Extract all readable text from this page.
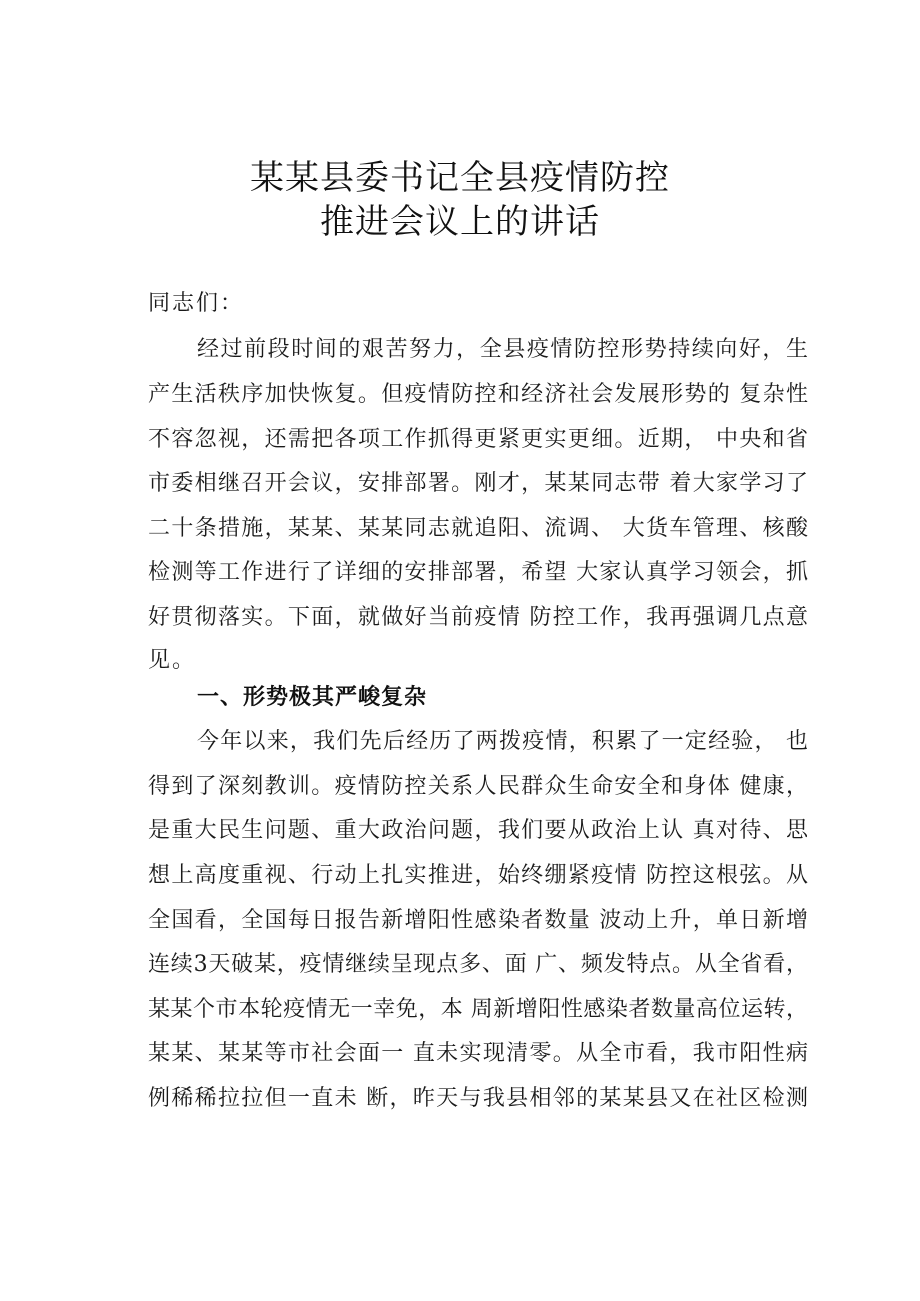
某某县委书记全县疫情防控
推进会议上的讲话
同志们：
经过前段时间的艰苦努力，全县疫情防控形势持续向好，生
产生活秩序加快恢复。但疫情防控和经济社会发展形势的 复杂性
不容忽视，还需把各项工作抓得更紧更实更细。近期， 中央和省
市委相继召开会议，安排部署。刚才，某某同志带 着大家学习了
二十条措施，某某、某某同志就追阳、流调、 大货车管理、核酸
检测等工作进行了详细的安排部署，希望 大家认真学习领会，抓
好贯彻落实。下面，就做好当前疫情 防控工作，我再强调几点意
见。
一、形势极其严峻复杂
今年以来，我们先后经历了两拨疫情，积累了一定经验， 也
得到了深刻教训。疫情防控关系人民群众生命安全和身体 健康，
是重大民生问题、重大政治问题，我们要从政治上认 真对待、思
想上高度重视、行动上扎实推进，始终绷紧疫情 防控这根弦。从
全国看，全国每日报告新增阳性感染者数量 波动上升，单日新增
连续3天破某，疫情继续呈现点多、面 广、频发特点。从全省看，
某某个市本轮疫情无一幸免，本 周新增阳性感染者数量高位运转，
某某、某某等市社会面一 直未实现清零。从全市看，我市阳性病
例稀稀拉拉但一直未 断，昨天与我县相邻的某某县又在社区检测
